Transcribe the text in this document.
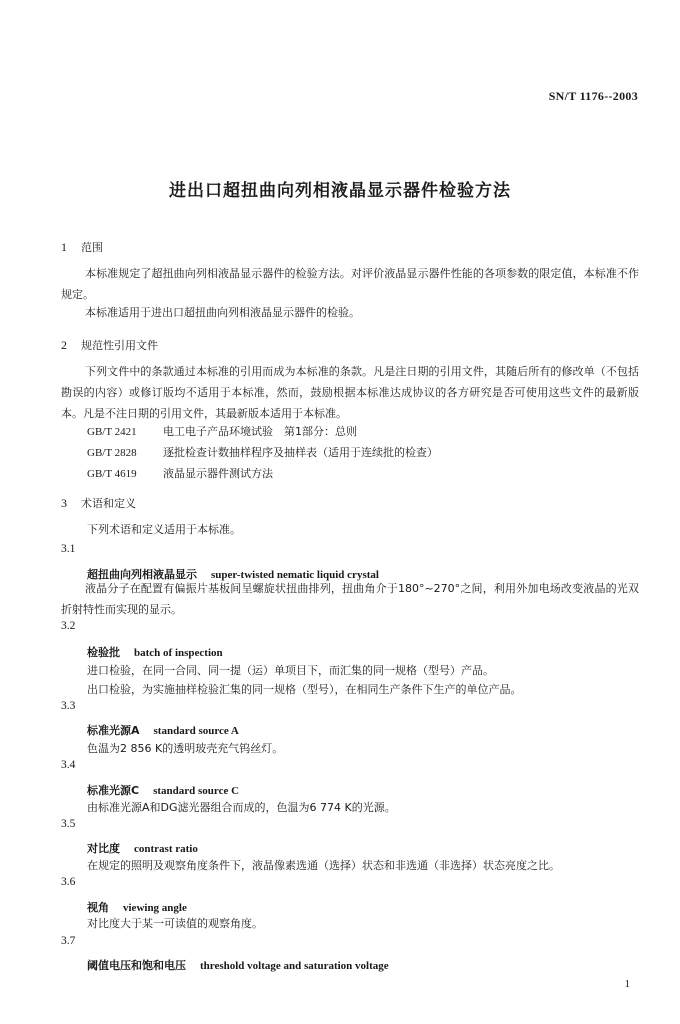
SN/T 1176--2003
进出口超扭曲向列相液晶显示器件检验方法
1 范围
本标准规定了超扭曲向列相液晶显示器件的检验方法。对评价液晶显示器件性能的各项参数的限定值，本标准不作规定。
本标准适用于进出口超扭曲向列相液晶显示器件的检验。
2 规范性引用文件
下列文件中的条款通过本标准的引用而成为本标准的条款。凡是注日期的引用文件，其随后所有的修改单（不包括勘误的内容）或修订版均不适用于本标准，然而，鼓励根据本标准达成协议的各方研究是否可使用这些文件的最新版本。凡是不注日期的引用文件，其最新版本适用于本标准。
GB/T 2421 电工电子产品环境试验　第1部分：总则
GB/T 2828 逐批检查计数抽样程序及抽样表（适用于连续批的检查）
GB/T 4619 液晶显示器件测试方法
3 术语和定义
下列术语和定义适用于本标准。
3.1
超扭曲向列相液晶显示 super-twisted nematic liquid crystal
液晶分子在配置有偏振片基板间呈螺旋状扭曲排列，扭曲角介于180°~270°之间，利用外加电场改变液晶的光双折射特性而实现的显示。
3.2
检验批 batch of inspection
进口检验，在同一合同、同一提（运）单项目下，而汇集的同一规格（型号）产品。
出口检验，为实施抽样检验汇集的同一规格（型号），在相同生产条件下生产的单位产品。
3.3
标准光源A standard source A
色温为2 856 K的透明玻壳充气钨丝灯。
3.4
标准光源C standard source C
由标准光源A和DG滤光器组合而成的，色温为6 774 K的光源。
3.5
对比度 contrast ratio
在规定的照明及观察角度条件下，液晶像素选通（选择）状态和非选通（非选择）状态亮度之比。
3.6
视角 viewing angle
对比度大于某一可读值的观察角度。
3.7
阈值电压和饱和电压 threshold voltage and saturation voltage
1
